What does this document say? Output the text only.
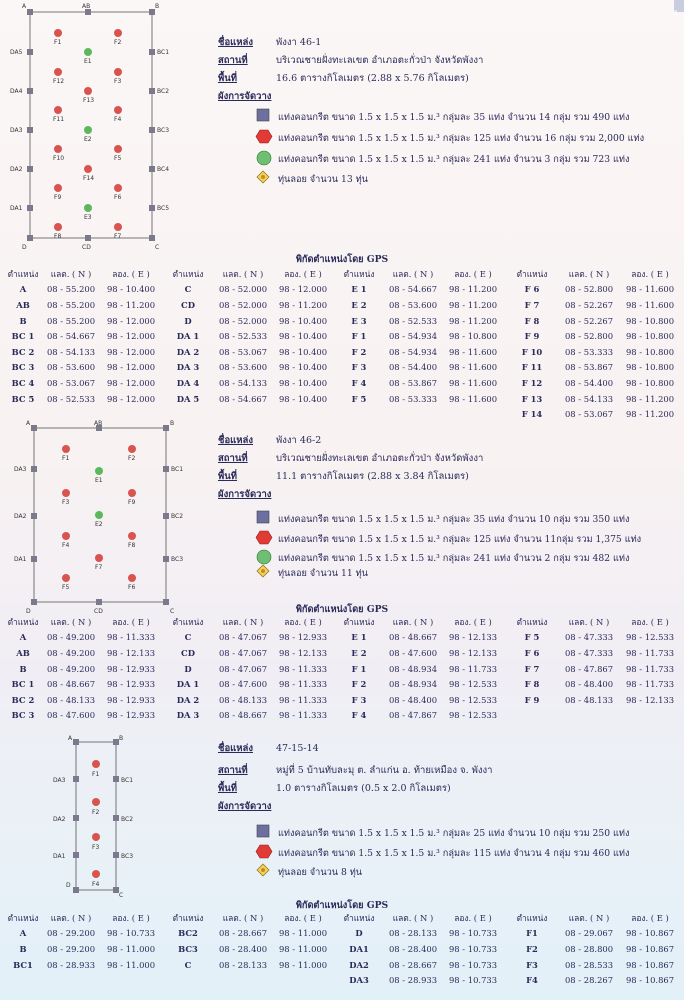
วิ
A	AB	B
C
CD
D
DA5
DA4
DA3
DA2
DA1
BC1
BC2
BC3
BC4
BC5
F1	F2
E1
F12	F3
F13
F11	F4
E2
F10	F5
F14
F9	F6
E3
F8	F7
ชื่อแหล่ง พังงา 46-1
สถานที่	บริเวณชายฝั่งทะเลเขต อำเภอตะกั่วป่า จังหวัดพังงา
พื้นที่	16.6 ตารางกิโลเมตร (2.88 x 5.76 กิโลเมตร)
ผังการจัดวาง
แท่งคอนกรีต ขนาด 1.5 x 1.5 x 1.5 ม.³ กลุ่มละ 35 แท่ง จำนวน 14 กลุ่ม รวม 490 แท่ง
แท่งคอนกรีต ขนาด 1.5 x 1.5 x 1.5 ม.³ กลุ่มละ 125 แท่ง จำนวน 16 กลุ่ม รวม 2,000 แท่ง
แท่งคอนกรีต ขนาด 1.5 x 1.5 x 1.5 ม.³ กลุ่มละ 241 แท่ง จำนวน 3 กลุ่ม รวม 723 แท่ง
ทุ่นลอย จำนวน 13 ทุ่น
พิกัดตำแหน่งโดย GPS
ตำแหน่ง	แลต. ( N )	ลอง. ( E )	ตำแหน่ง	แลต. ( N )	ลอง. ( E )	ตำแหน่ง	แลต. ( N )	ลอง. ( E )	ตำแหน่ง	แลต. ( N )	ลอง. ( E )
A	08 - 55.200	98 - 10.400	C	08 - 52.000	98 - 12.000	E 1	08 - 54.667	98 - 11.200	F 6	08 - 52.800	98 - 11.600
AB	08 - 55.200	98 - 11.200	CD	08 - 52.000	98 - 11.200	E 2	08 - 53.600	98 - 11.200	F 7	08 - 52.267	98 - 11.600
B	08 - 55.200	98 - 12.000	D	08 - 52.000	98 - 10.400	E 3	08 - 52.533	98 - 11.200	F 8	08 - 52.267	98 - 10.800
BC 1	08 - 54.667	98 - 12.000	DA 1	08 - 52.533	98 - 10.400	F 1	08 - 54.934	98 - 10.800	F 9	08 - 52.800	98 - 10.800
BC 2	08 - 54.133	98 - 12.000	DA 2	08 - 53.067	98 - 10.400	F 2	08 - 54.934	98 - 11.600	F 10	08 - 53.333	98 - 10.800
BC 3	08 - 53.600	98 - 12.000	DA 3	08 - 53.600	98 - 10.400	F 3	08 - 54.400	98 - 11.600	F 11	08 - 53.867	98 - 10.800
BC 4	08 - 53.067	98 - 12.000	DA 4	08 - 54.133	98 - 10.400	F 4	08 - 53.867	98 - 11.600	F 12	08 - 54.400	98 - 10.800
BC 5	08 - 52.533	98 - 12.000	DA 5	08 - 54.667	98 - 10.400	F 5	08 - 53.333	98 - 11.600	F 13	08 - 54.133	98 - 11.200
									F 14	08 - 53.067	98 - 11.200
A	AB	B
C
CD
D
DA3
DA2
DA1
BC1
BC2
BC3
F1	F2
E1
F3	F9
F4
E2
F8
F5
F7
F6
ชื่อแหล่ง พังงา 46-2
สถานที่	บริเวณชายฝั่งทะเลเขต อำเภอตะกั่วป่า จังหวัดพังงา
พื้นที่	11.1 ตารางกิโลเมตร (2.88 x 3.84 กิโลเมตร)
ผังการจัดวาง
แท่งคอนกรีต ขนาด 1.5 x 1.5 x 1.5 ม.³ กลุ่มละ 35 แท่ง จำนวน 10 กลุ่ม รวม 350 แท่ง
แท่งคอนกรีต ขนาด 1.5 x 1.5 x 1.5 ม.³ กลุ่มละ 125 แท่ง จำนวน 11กลุ่ม รวม 1,375 แท่ง
แท่งคอนกรีต ขนาด 1.5 x 1.5 x 1.5 ม.³ กลุ่มละ 241 แท่ง จำนวน 2 กลุ่ม รวม 482 แท่ง
ทุ่นลอย จำนวน 11 ทุ่น
พิกัดตำแหน่งโดย GPS
ตำแหน่ง	แลต. ( N )	ลอง. ( E )	ตำแหน่ง	แลต. ( N )	ลอง. ( E )	ตำแหน่ง	แลต. ( N )	ลอง. ( E )	ตำแหน่ง	แลต. ( N )	ลอง. ( E )
A	08 - 49.200	98 - 11.333	C	08 - 47.067	98 - 12.933	E 1	08 - 48.667	98 - 12.133	F 5	08 - 47.333	98 - 12.533
AB	08 - 49.200	98 - 12.133	CD	08 - 47.067	98 - 12.133	E 2	08 - 47.600	98 - 12.133	F 6	08 - 47.333	98 - 11.733
B	08 - 49.200	98 - 12.933	D	08 - 47.067	98 - 11.333	F 1	08 - 48.934	98 - 11.733	F 7	08 - 47.867	98 - 11.733
BC 1	08 - 48.667	98 - 12.933	DA 1	08 - 47.600	98 - 11.333	F 2	08 - 48.934	98 - 12.533	F 8	08 - 48.400	98 - 11.733
BC 2	08 - 48.133	98 - 12.933	DA 2	08 - 48.133	98 - 11.333	F 3	08 - 48.400	98 - 12.533	F 9	08 - 48.133	98 - 12.133
BC 3	08 - 47.600	98 - 12.933	DA 3	08 - 48.667	98 - 11.333	F 4	08 - 47.867	98 - 12.533			
A	B
C
D
DA3
DA2
DA1
BC1
BC2
BC3
F1
F2
F3
F4
ชื่อแหล่ง 47-15-14
สถานที่	หมู่ที่ 5 บ้านทับละมุ ต. ลำแก่น อ. ท้ายเหมือง จ. พังงา
พื้นที่	1.0 ตารางกิโลเมตร (0.5 x 2.0 กิโลเมตร)
ผังการจัดวาง
แท่งคอนกรีต ขนาด 1.5 x 1.5 x 1.5 ม.³ กลุ่มละ 25 แท่ง จำนวน 10 กลุ่ม รวม 250 แท่ง
แท่งคอนกรีต ขนาด 1.5 x 1.5 x 1.5 ม.³ กลุ่มละ 115 แท่ง จำนวน 4 กลุ่ม รวม 460 แท่ง
ทุ่นลอย จำนวน 8 ทุ่น
พิกัดตำแหน่งโดย GPS
ตำแหน่ง	แลต. ( N )	ลอง. ( E )	ตำแหน่ง	แลต. ( N )	ลอง. ( E )	ตำแหน่ง	แลต. ( N )	ลอง. ( E )	ตำแหน่ง	แลต. ( N )	ลอง. ( E )
A	08 - 29.200	98 - 10.733	BC2	08 - 28.667	98 - 11.000	D	08 - 28.133	98 - 10.733	F1	08 - 29.067	98 - 10.867
B	08 - 29.200	98 - 11.000	BC3	08 - 28.400	98 - 11.000	DA1	08 - 28.400	98 - 10.733	F2	08 - 28.800	98 - 10.867
BC1	08 - 28.933	98 - 11.000	C	08 - 28.133	98 - 11.000	DA2	08 - 28.667	98 - 10.733	F3	08 - 28.533	98 - 10.867
						DA3	08 - 28.933	98 - 10.733	F4	08 - 28.267	98 - 10.867
